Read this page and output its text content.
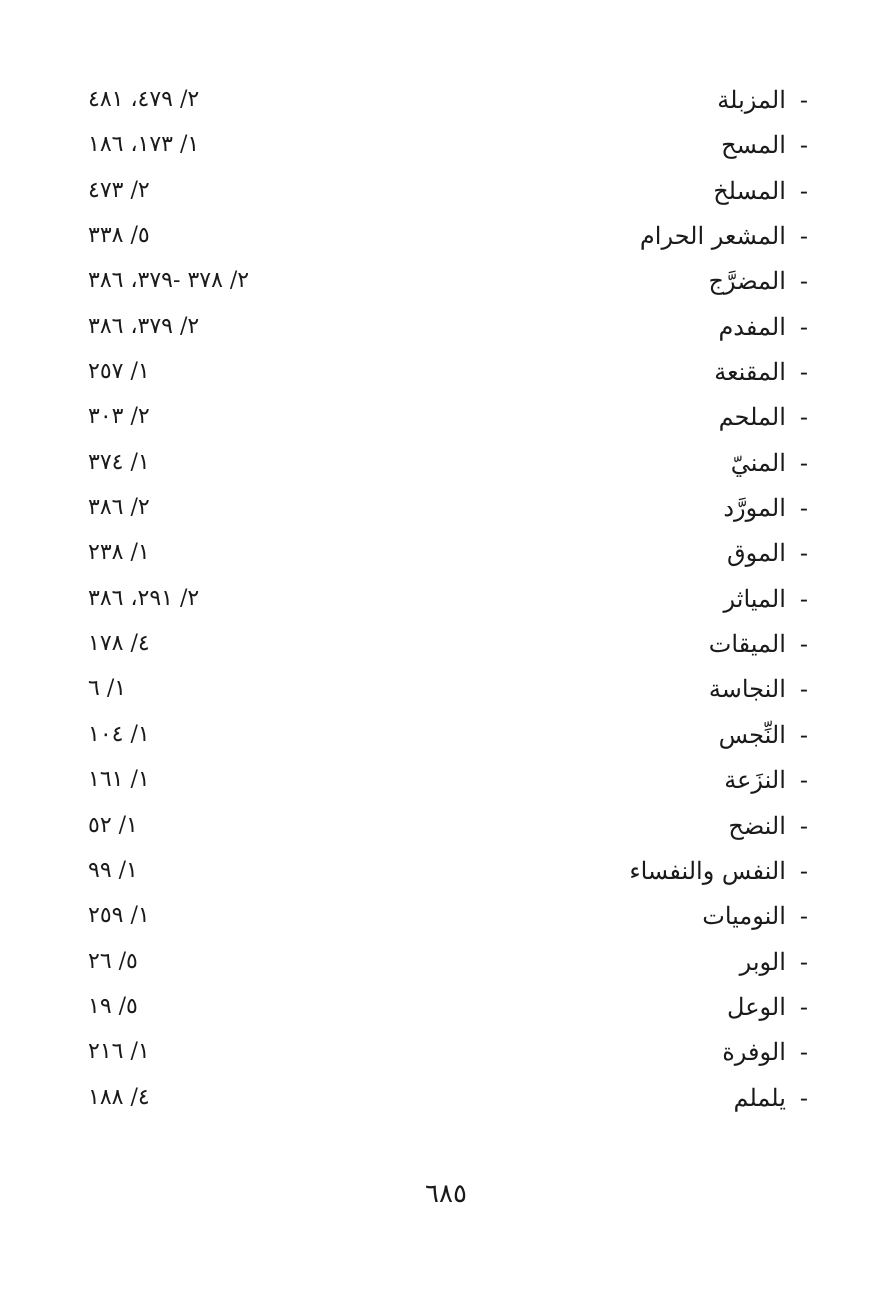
-المزبلة
٢/ ٤٧٩، ٤٨١
-المسح
١/ ١٧٣، ١٨٦
-المسلخ
٢/ ٤٧٣
-المشعر الحرام
٥/ ٣٣٨
-المضرَّج
٢/ ٣٧٨ -٣٧٩، ٣٨٦
-المفدم
٢/ ٣٧٩، ٣٨٦
-المقنعة
١/ ٢٥٧
-الملحم
٢/ ٣٠٣
-المنيّ
١/ ٣٧٤
-المورَّد
٢/ ٣٨٦
-الموق
١/ ٢٣٨
-المياثر
٢/ ٢٩١، ٣٨٦
-الميقات
٤/ ١٧٨
-النجاسة
١/ ٦
-النِّجس
١/ ١٠٤
-النزَعة
١/ ١٦١
-النضح
١/ ٥٢
-النفس والنفساء
١/ ٩٩
-النوميات
١/ ٢٥٩
-الوبر
٥/ ٢٦
-الوعل
٥/ ١٩
-الوفرة
١/ ٢١٦
-يلملم
٤/ ١٨٨
٦٨٥
